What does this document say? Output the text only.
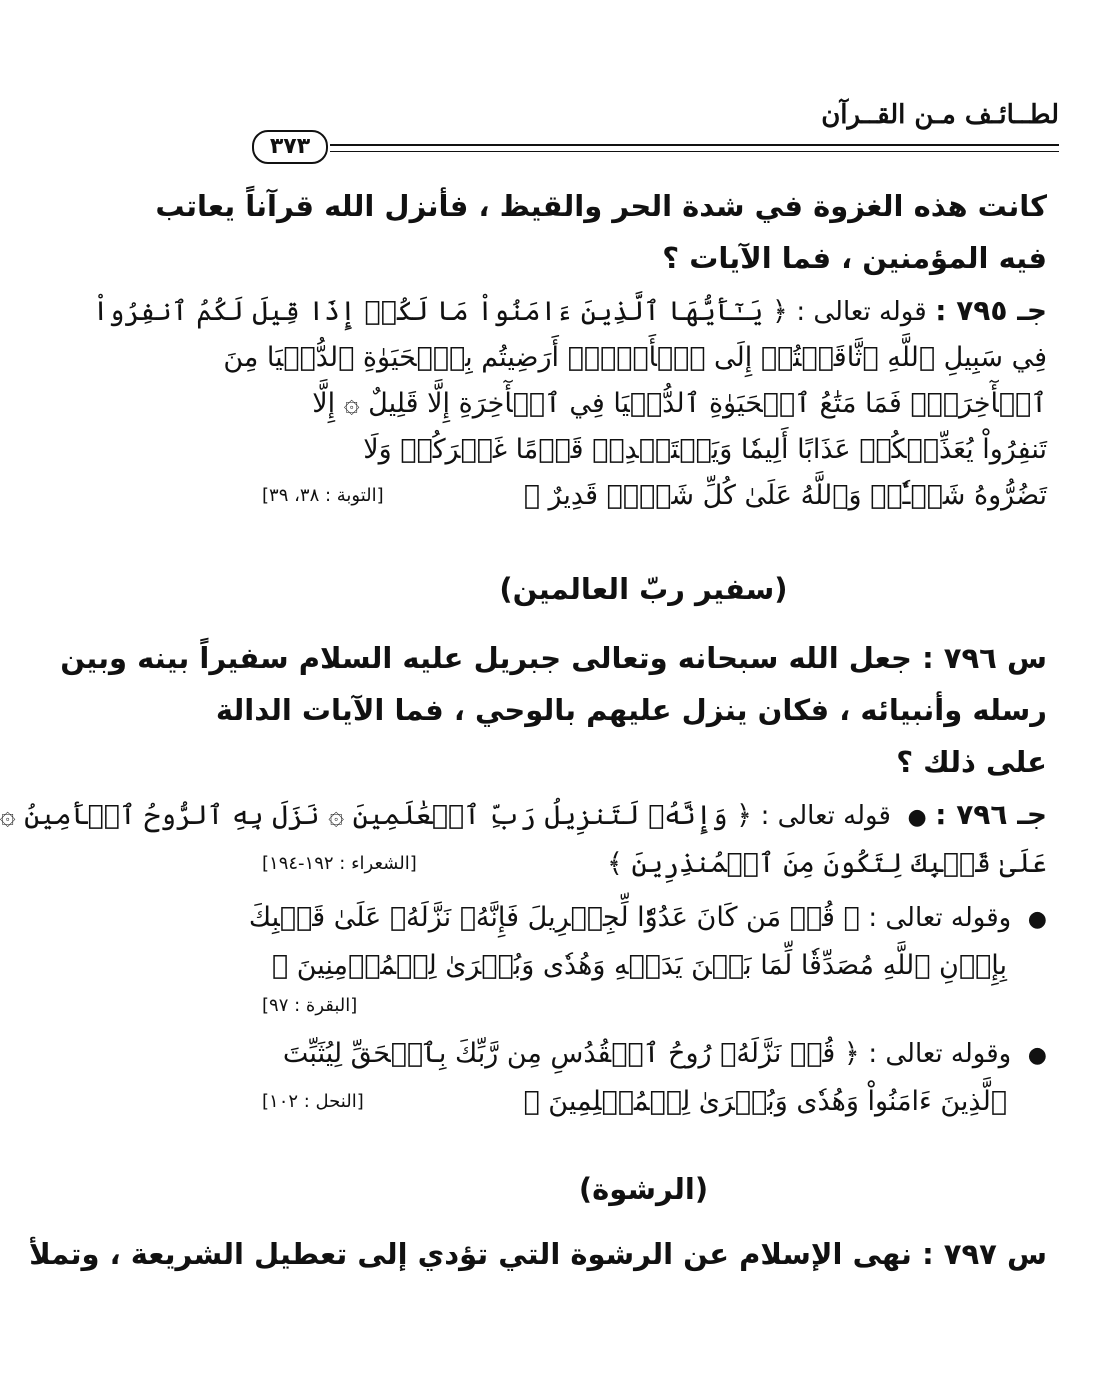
لطــائـف مـن القــرآن
٣٧٣
كانت هذه الغزوة في شدة الحر والقيظ ، فأنزل الله قرآناً يعاتب
فيه المؤمنين ، فما الآيات ؟
جـ ٧٩٥ : قوله تعالى : ﴿ يَـٰٓأَيُّهَا ٱلَّذِينَ ءَامَنُواْ مَا لَكُمۡ إِذَا قِيلَ لَكُمُ ٱنفِرُواْ
فِي سَبِيلِ ٱللَّهِ ٱثَّاقَلۡتُمۡ إِلَى ٱلۡأَرۡضِۚ أَرَضِيتُم بِٱلۡحَيَوٰةِ ٱلدُّنۡيَا مِنَ
ٱلۡأٓخِرَةِۚ فَمَا مَتَٰعُ ٱلۡحَيَوٰةِ ٱلدُّنۡيَا فِي ٱلۡأٓخِرَةِ إِلَّا قَلِيلٌ ۞ إِلَّا
تَنفِرُواْ يُعَذِّبۡكُمۡ عَذَابًا أَلِيمٗا وَيَسۡتَبۡدِلۡ قَوۡمًا غَيۡرَكُمۡ وَلَا
تَضُرُّوهُ شَيۡـٔٗاۗ وَٱللَّهُ عَلَىٰ كُلِّ شَيۡءٖ قَدِيرٌ ﴾
[التوبة : ٣٨، ٣٩]
(سفير ربّ العالمين)
س ٧٩٦ : جعل الله سبحانه وتعالى جبريل عليه السلام سفيراً بينه وبين
رسله وأنبيائه ، فكان ينزل عليهم بالوحي ، فما الآيات الدالة
على ذلك ؟
جـ ٧٩٦ : ● قوله تعالى : ﴿ وَإِنَّهُۥ لَتَنزِيلُ رَبِّ ٱلۡعَٰلَمِينَ ۞ نَزَلَ بِهِ ٱلرُّوحُ ٱلۡأَمِينُ ۞
عَلَىٰ قَلۡبِكَ لِتَكُونَ مِنَ ٱلۡمُنذِرِينَ ﴾
[الشعراء : ١٩٢-١٩٤]
● وقوله تعالى : ﴿ قُلۡ مَن كَانَ عَدُوّٗا لِّجِبۡرِيلَ فَإِنَّهُۥ نَزَّلَهُۥ عَلَىٰ قَلۡبِكَ
بِإِذۡنِ ٱللَّهِ مُصَدِّقٗا لِّمَا بَيۡنَ يَدَيۡهِ وَهُدٗى وَبُشۡرَىٰ لِلۡمُؤۡمِنِينَ ﴾
[البقرة : ٩٧]
● وقوله تعالى : ﴿ قُلۡ نَزَّلَهُۥ رُوحُ ٱلۡقُدُسِ مِن رَّبِّكَ بِٱلۡحَقِّ لِيُثَبِّتَ
ٱلَّذِينَ ءَامَنُواْ وَهُدٗى وَبُشۡرَىٰ لِلۡمُسۡلِمِينَ ﴾
[النحل : ١٠٢]
(الرشوة)
س ٧٩٧ : نهى الإسلام عن الرشوة التي تؤدي إلى تعطيل الشريعة ، وتملأ
